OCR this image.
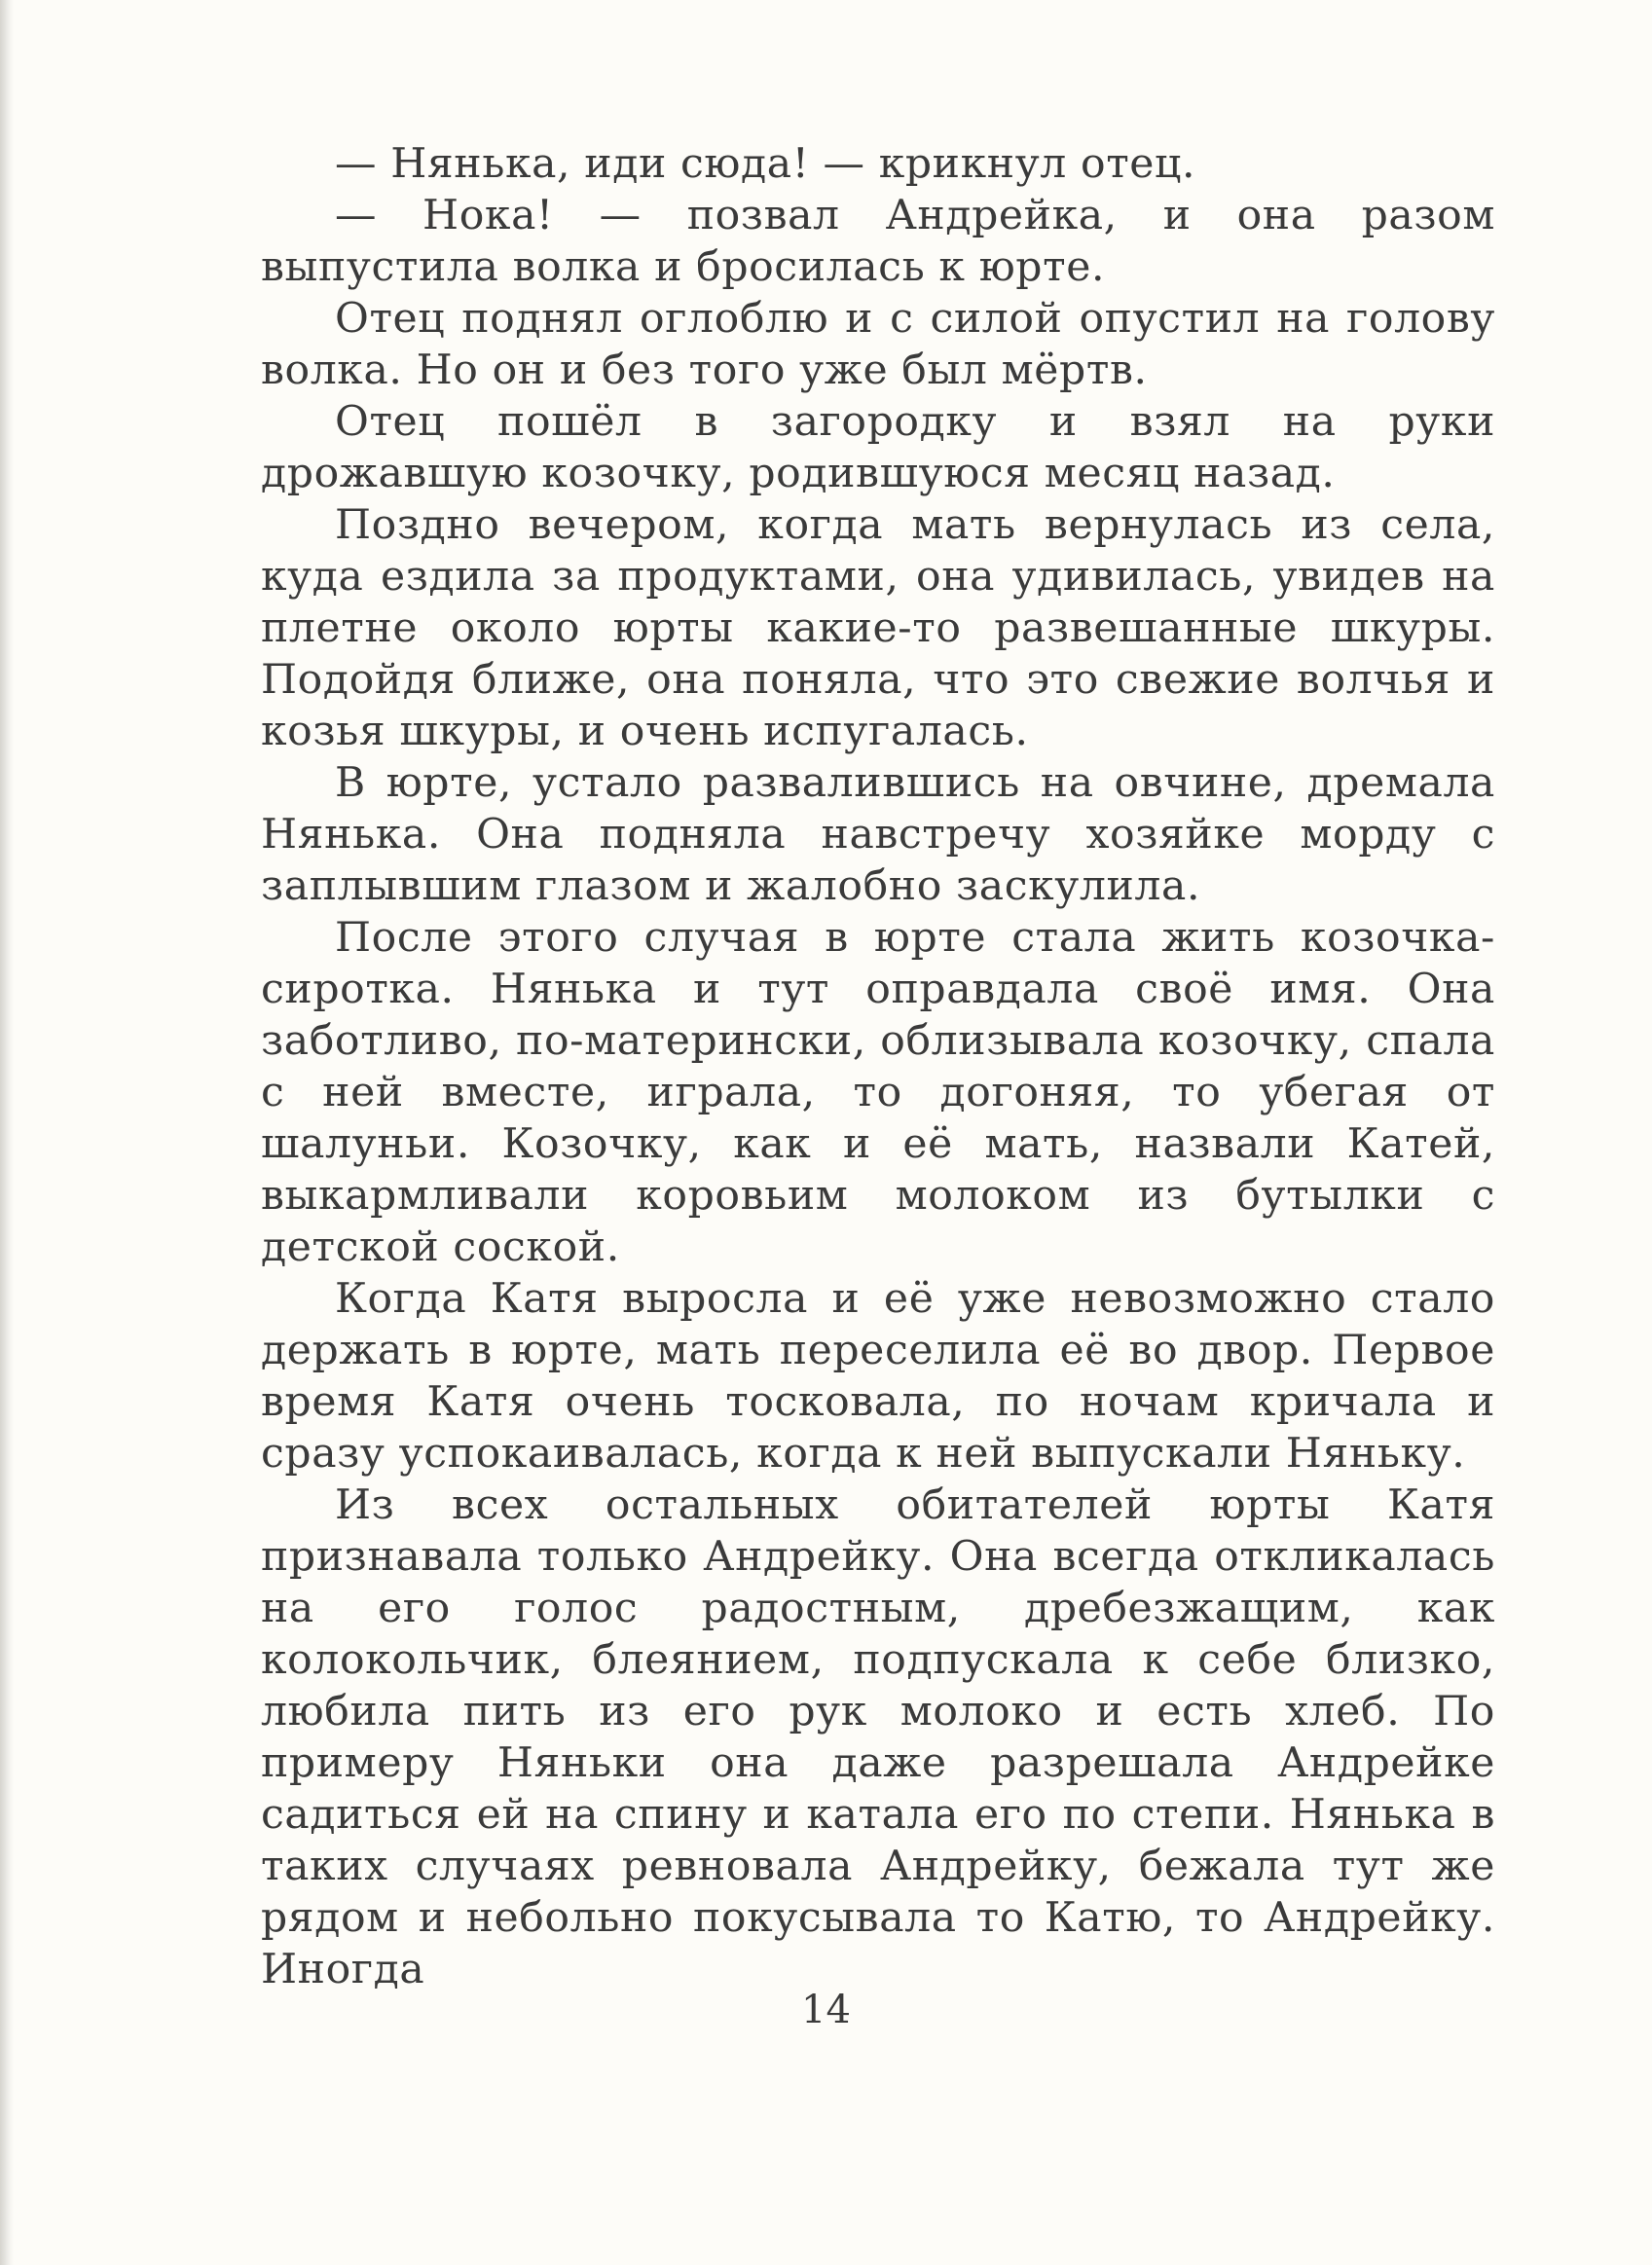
— Нянька, иди сюда! — крикнул отец.

— Нока! — позвал Андрейка, и она разом выпустила волка и бросилась к юрте.

Отец поднял оглоблю и с силой опустил на голову волка. Но он и без того уже был мёртв.

Отец пошёл в загородку и взял на руки дрожавшую козочку, родившуюся месяц назад.

Поздно вечером, когда мать вернулась из села, куда ездила за продуктами, она удивилась, увидев на плетне около юрты какие-то развешанные шкуры. Подойдя ближе, она поняла, что это свежие волчья и козья шкуры, и очень испугалась.

В юрте, устало развалившись на овчине, дремала Нянька. Она подняла навстречу хозяйке морду с заплывшим глазом и жалобно заскулила.

После этого случая в юрте стала жить козочка-сиротка. Нянька и тут оправдала своё имя. Она заботливо, по-матерински, облизывала козочку, спала с ней вместе, играла, то догоняя, то убегая от шалуньи. Козочку, как и её мать, назвали Катей, выкармливали коровьим молоком из бутылки с детской соской.

Когда Катя выросла и её уже невозможно стало держать в юрте, мать переселила её во двор. Первое время Катя очень тосковала, по ночам кричала и сразу успокаивалась, когда к ней выпускали Няньку.

Из всех остальных обитателей юрты Катя признавала только Андрейку. Она всегда откликалась на его голос радостным, дребезжащим, как колокольчик, блеянием, подпускала к себе близко, любила пить из его рук молоко и есть хлеб. По примеру Няньки она даже разрешала Андрейке садиться ей на спину и катала его по степи. Нянька в таких случаях ревновала Андрейку, бежала тут же рядом и небольно покусывала то Катю, то Андрейку. Иногда

14
